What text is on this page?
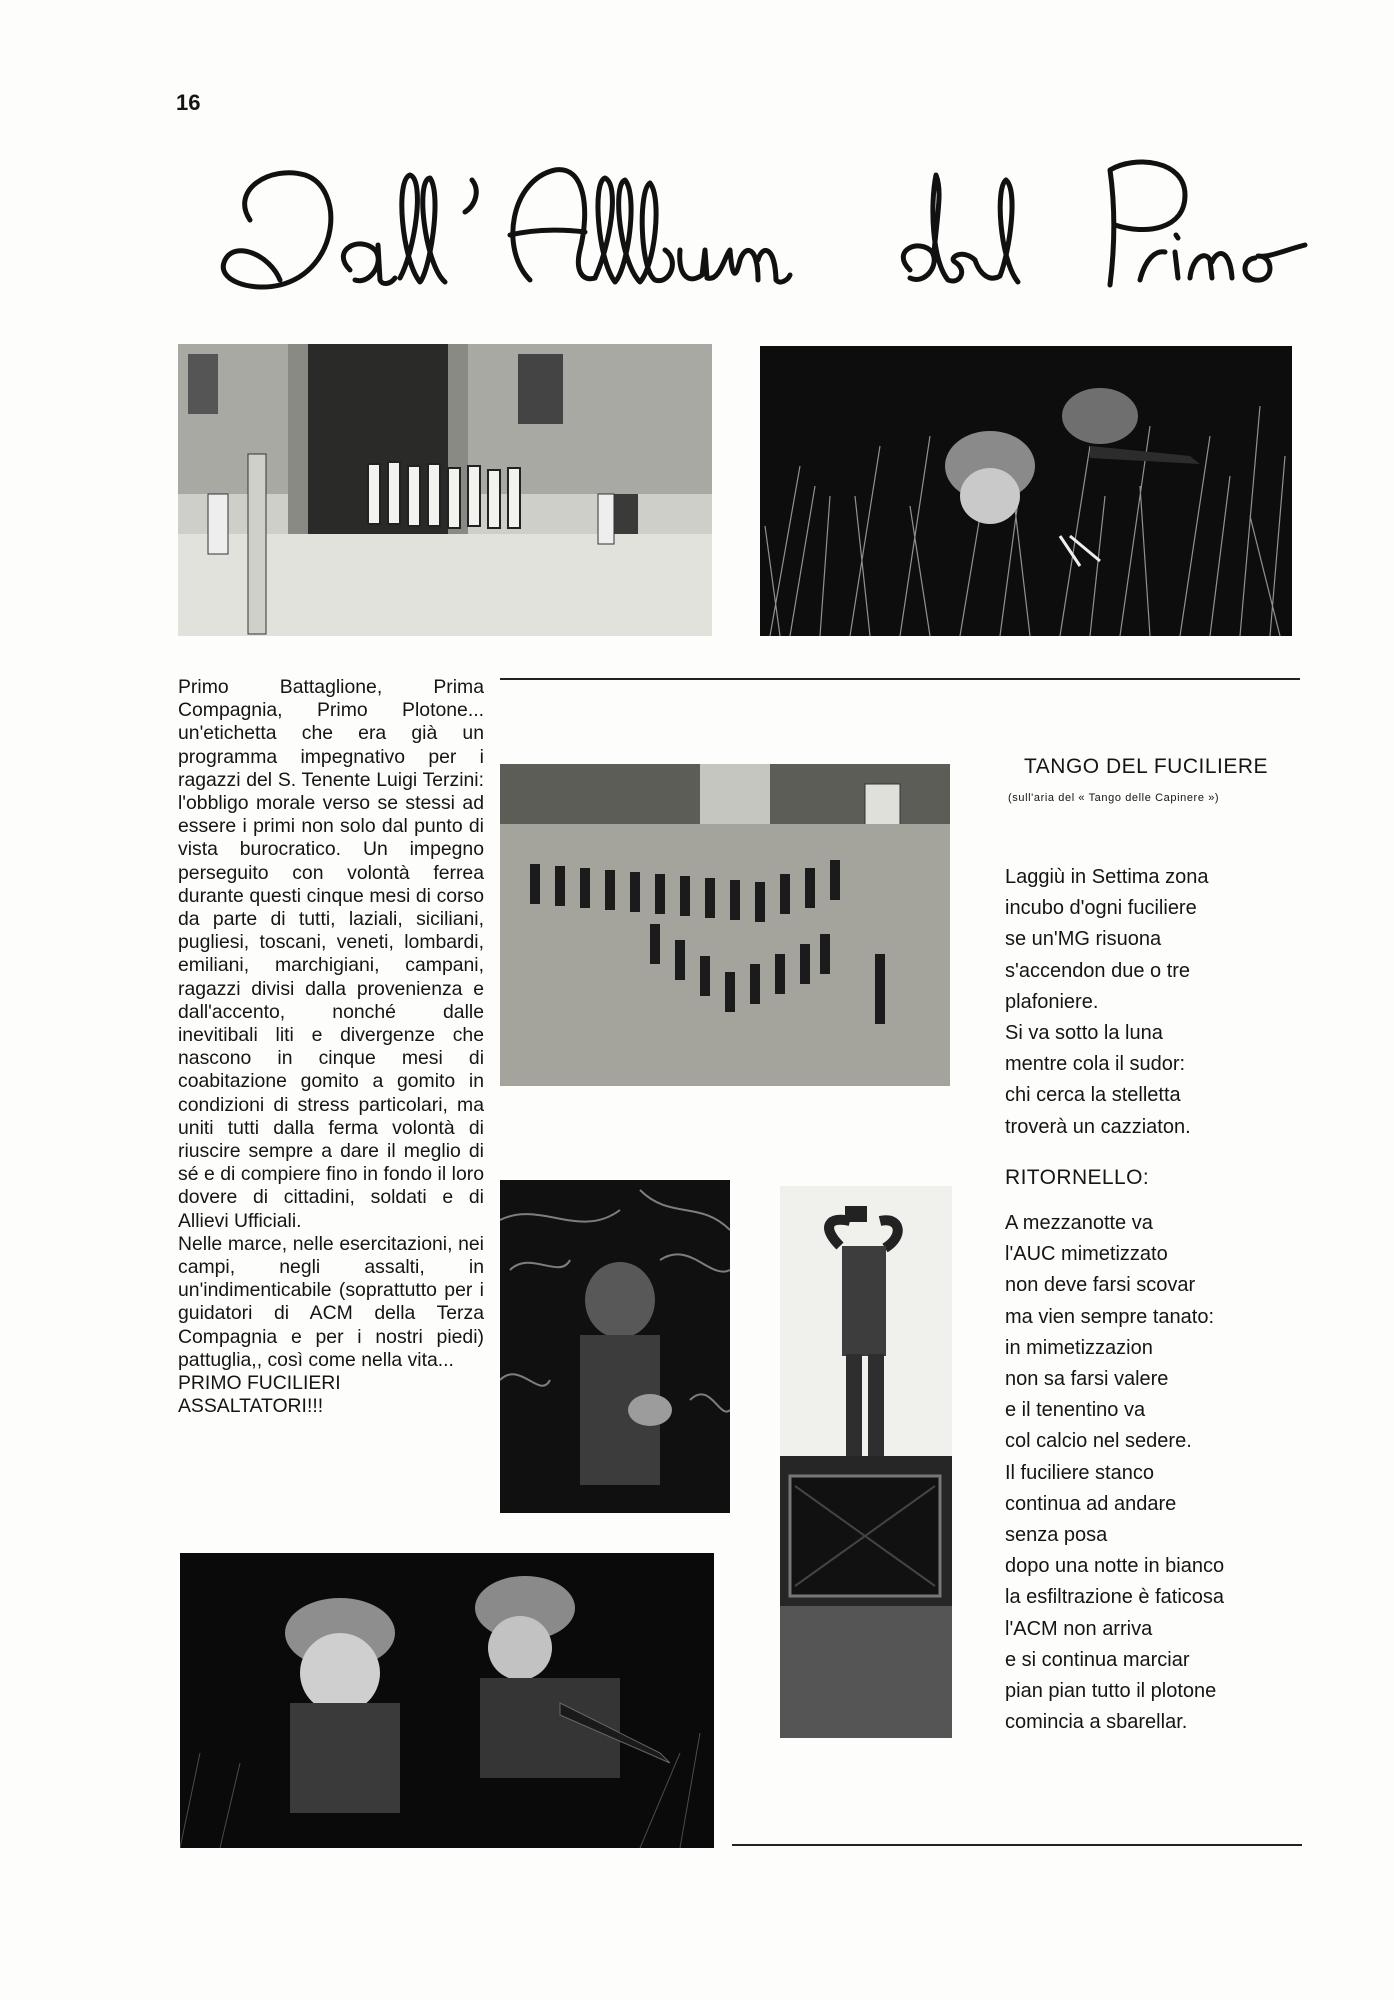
16

Primo Battaglione, Prima Compagnia, Primo Plotone... un'etichetta che era già un programma impegnativo per i ragazzi del S. Tenente Luigi Terzini: l'obbligo morale verso se stessi ad essere i primi non solo dal punto di vista burocratico. Un impegno perseguito con volontà ferrea durante questi cinque mesi di corso da parte di tutti, laziali, siciliani, pugliesi, toscani, veneti, lombardi, emiliani, marchigiani, campani, ragazzi divisi dalla provenienza e dall'accento, nonché dalle inevitibali liti e divergenze che nascono in cinque mesi di coabitazione gomito a gomito in condizioni di stress particolari, ma uniti tutti dalla ferma volontà di riuscire sempre a dare il meglio di sé e di compiere fino in fondo il loro dovere di cittadini, soldati e di Allievi Ufficiali.

Nelle marce, nelle esercitazioni, nei campi, negli assalti, in un'indimenticabile (soprattutto per i guidatori di ACM della Terza Compagnia e per i nostri piedi) pattuglia,, così come nella vita...

PRIMO FUCILIERI ASSALTATORI!!!

TANGO DEL FUCILIERE
(sull'aria del « Tango delle Capinere »)
Laggiù in Settima zona
incubo d'ogni fuciliere
se un'MG risuona
s'accendon due o tre
plafoniere.
Si va sotto la luna
mentre cola il sudor:
chi cerca la stelletta
troverà un cazziaton.
RITORNELLO:
A mezzanotte va
l'AUC mimetizzato
non deve farsi scovar
ma vien sempre tanato:
in mimetizzazion
non sa farsi valere
e il tenentino va
col calcio nel sedere.
Il fuciliere stanco
continua ad andare
senza posa
dopo una notte in bianco
la esfiltrazione è faticosa
l'ACM non arriva
e si continua marciar
pian pian tutto il plotone
comincia a sbarellar.
